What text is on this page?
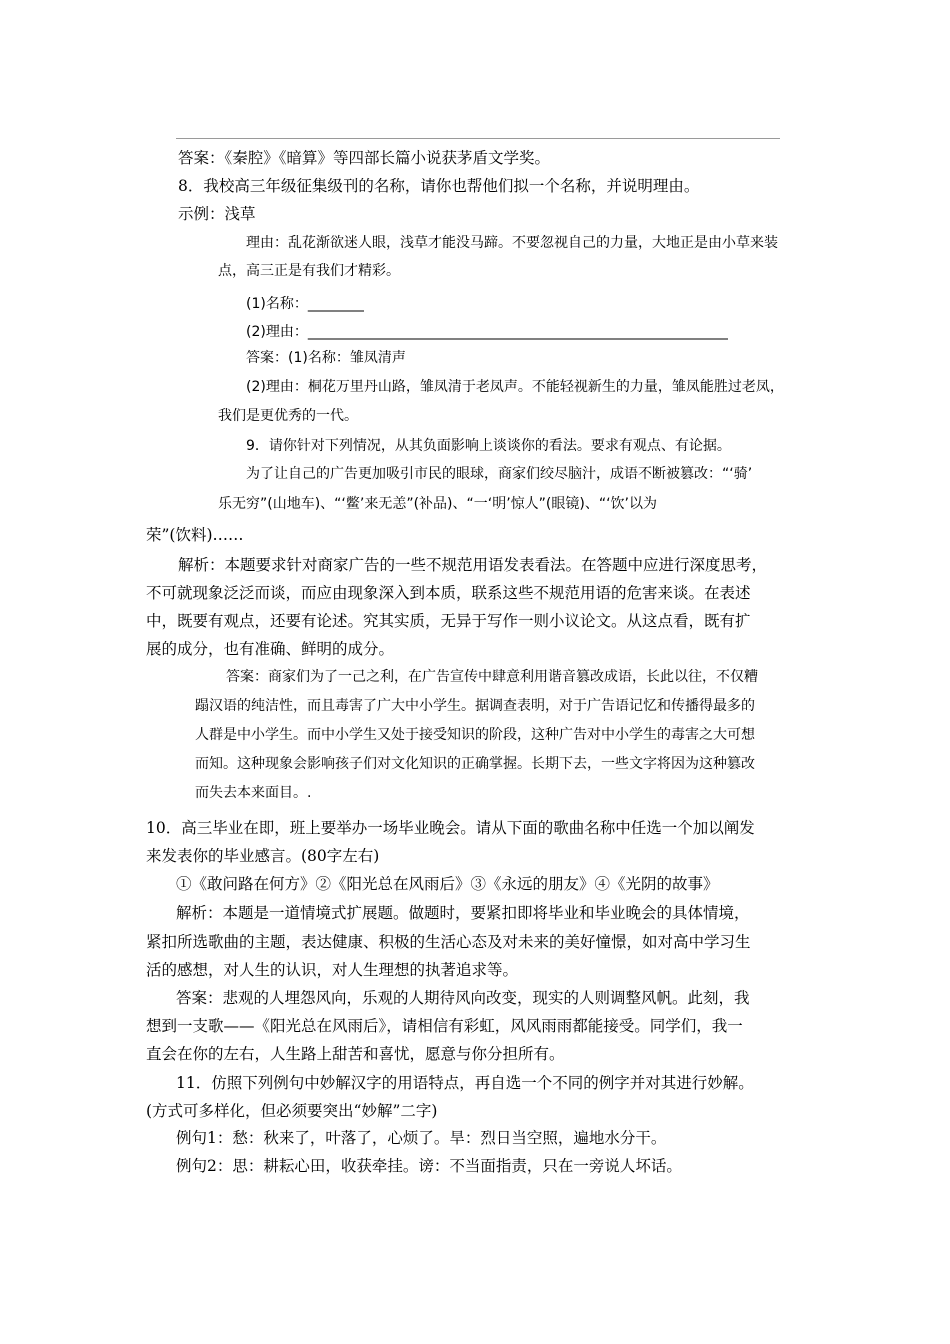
答案：《秦腔》《暗算》等四部长篇小说获茅盾文学奖。
8．我校高三年级征集级刊的名称，请你也帮他们拟一个名称，并说明理由。
示例：浅草
理由：乱花渐欲迷人眼，浅草才能没马蹄。不要忽视自己的力量，大地正是由小草来装
点，高三正是有我们才精彩。
(1)名称：________
(2)理由：____________________________________________________________
答案：(1)名称：雏凤清声
(2)理由：桐花万里丹山路，雏凤清于老凤声。不能轻视新生的力量，雏凤能胜过老凤，
我们是更优秀的一代。
9．请你针对下列情况，从其负面影响上谈谈你的看法。要求有观点、有论据。
为了让自己的广告更加吸引市民的眼球，商家们绞尽脑汁，成语不断被篡改：“‘骑’
乐无穷”(山地车)、“‘鳖’来无恙”(补品)、“一‘明’惊人”(眼镜)、“‘饮’以为
荣”(饮料)……
解析：本题要求针对商家广告的一些不规范用语发表看法。在答题中应进行深度思考，
不可就现象泛泛而谈，而应由现象深入到本质，联系这些不规范用语的危害来谈。在表述
中，既要有观点，还要有论述。究其实质，无异于写作一则小议论文。从这点看，既有扩
展的成分，也有准确、鲜明的成分。
答案：商家们为了一己之利，在广告宣传中肆意利用谐音篡改成语，长此以往，不仅糟
蹋汉语的纯洁性，而且毒害了广大中小学生。据调查表明，对于广告语记忆和传播得最多的
人群是中小学生。而中小学生又处于接受知识的阶段，这种广告对中小学生的毒害之大可想
而知。这种现象会影响孩子们对文化知识的正确掌握。长期下去，一些文字将因为这种篡改
而失去本来面目。.
10．高三毕业在即，班上要举办一场毕业晚会。请从下面的歌曲名称中任选一个加以阐发
来发表你的毕业感言。(80字左右)
①《敢问路在何方》②《阳光总在风雨后》③《永远的朋友》④《光阴的故事》
解析：本题是一道情境式扩展题。做题时，要紧扣即将毕业和毕业晚会的具体情境，
紧扣所选歌曲的主题，表达健康、积极的生活心态及对未来的美好憧憬，如对高中学习生
活的感想，对人生的认识，对人生理想的执著追求等。
答案：悲观的人埋怨风向，乐观的人期待风向改变，现实的人则调整风帆。此刻，我
想到一支歌——《阳光总在风雨后》，请相信有彩虹，风风雨雨都能接受。同学们，我一
直会在你的左右，人生路上甜苦和喜忧，愿意与你分担所有。
11．仿照下列例句中妙解汉字的用语特点，再自选一个不同的例字并对其进行妙解。
(方式可多样化，但必须要突出“妙解”二字)
例句1：愁：秋来了，叶落了，心烦了。旱：烈日当空照，遍地水分干。
例句2：思：耕耘心田，收获牵挂。谤：不当面指责，只在一旁说人坏话。
